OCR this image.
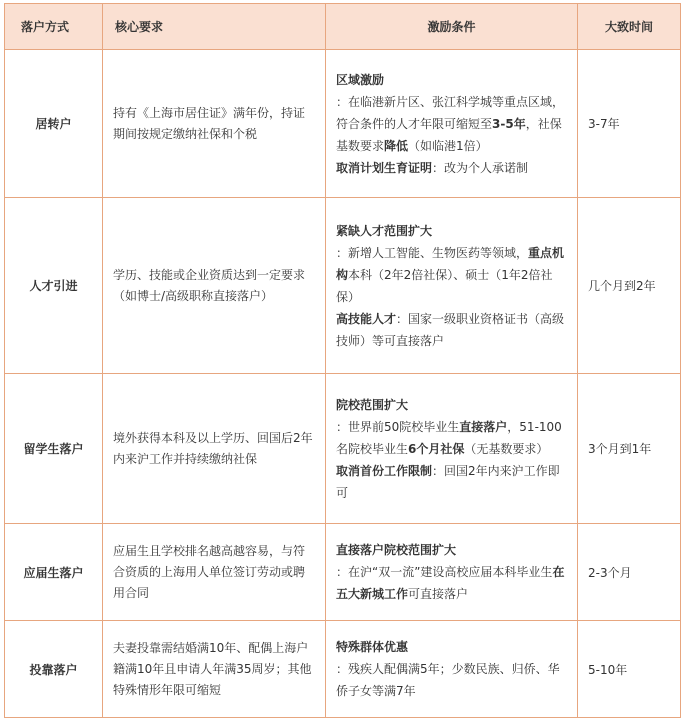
落户方式	核心要求	激励条件	大致时间
居转户	持有《上海市居住证》满年份，持证期间按规定缴纳社保和个税	区域激励
：在临港新片区、张江科学城等重点区域，符合条件的人才年限可缩短至3-5年，社保基数要求降低（如临港1倍）

取消计划生育证明：改为个人承诺制	3-7年
人才引进	学历、技能或企业资质达到一定要求（如博士/高级职称直接落户）	紧缺人才范围扩大
：新增人工智能、生物医药等领域，重点机构本科（2年2倍社保）、硕士（1年2倍社保）

高技能人才：国家一级职业资格证书（高级技师）等可直接落户	几个月到2年
留学生落户	境外获得本科及以上学历、回国后2年内来沪工作并持续缴纳社保	院校范围扩大
：世界前50院校毕业生直接落户，51-100名院校毕业生6个月社保（无基数要求）

取消首份工作限制：回国2年内来沪工作即可	3个月到1年
应届生落户	应届生且学校排名越高越容易，与符合资质的上海用人单位签订劳动或聘用合同	直接落户院校范围扩大
：在沪“双一流”建设高校应届本科毕业生在五大新城工作可直接落户	2-3个月
投靠落户	夫妻投靠需结婚满10年、配偶上海户籍满10年且申请人年满35周岁；其他特殊情形年限可缩短	特殊群体优惠
：残疾人配偶满5年；少数民族、归侨、华侨子女等满7年	5-10年
